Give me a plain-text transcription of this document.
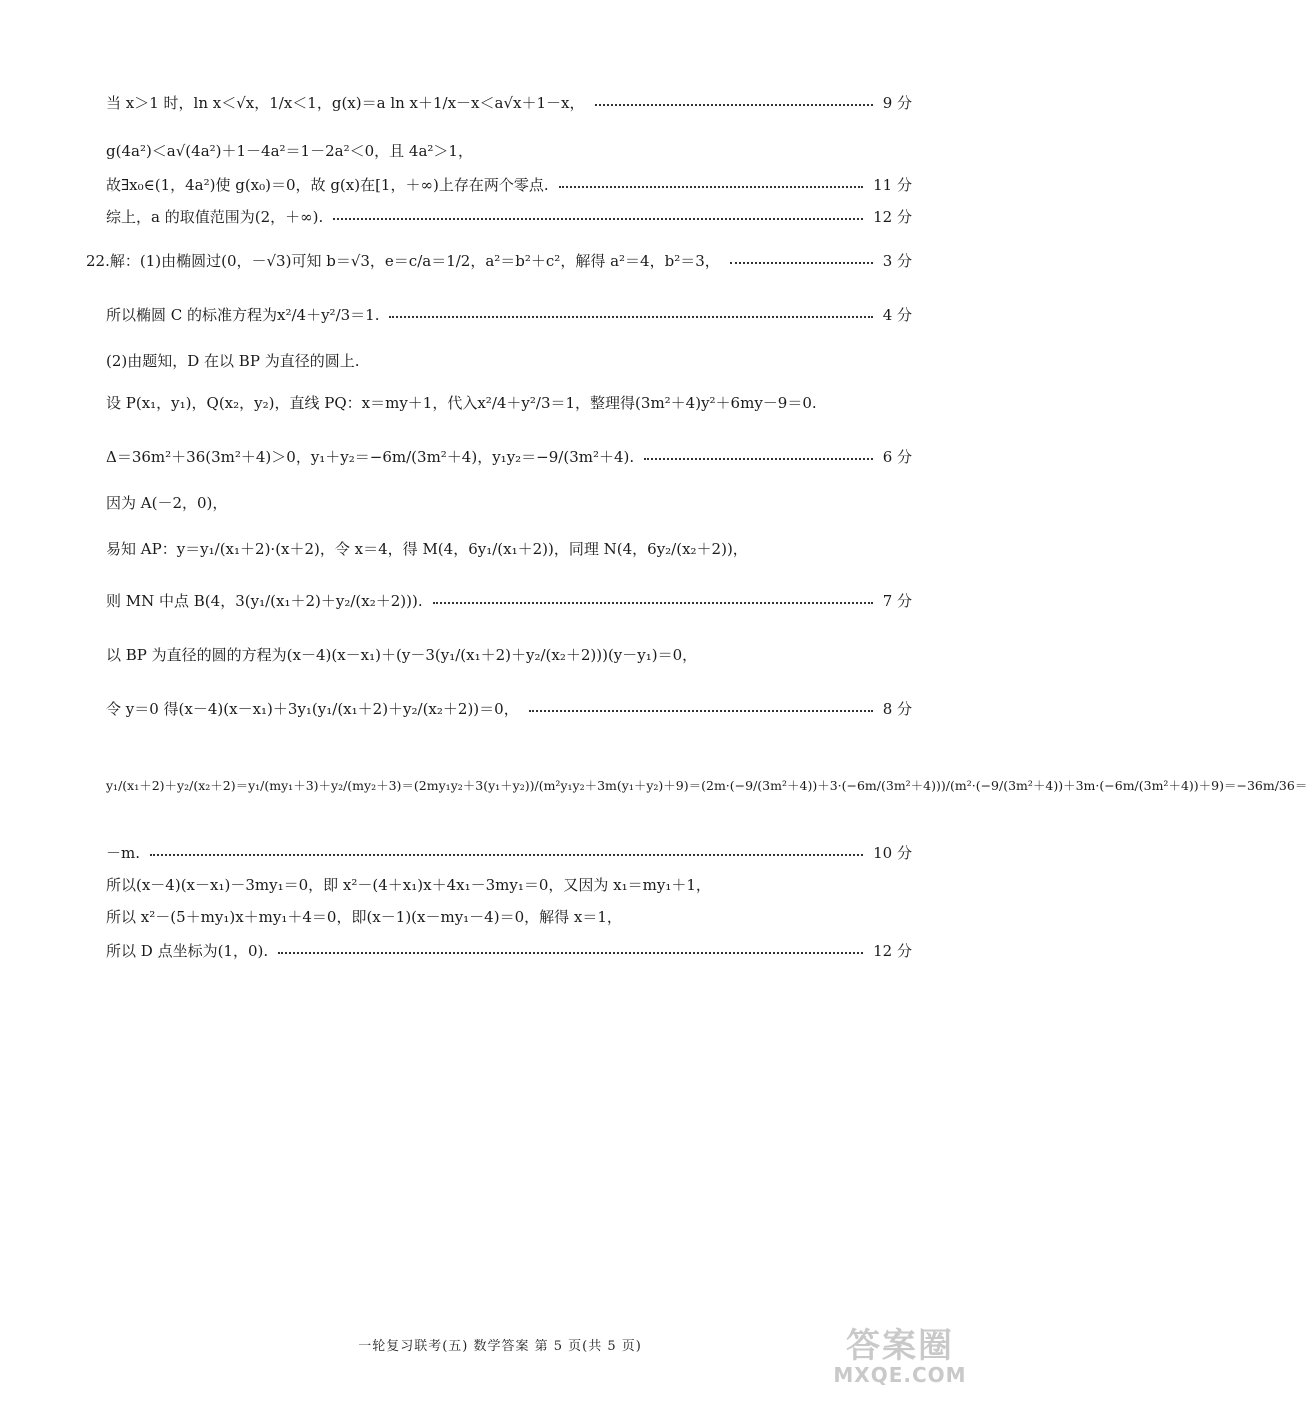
当 x＞1 时，ln x＜√x，1/x＜1，g(x)＝a ln x＋1/x－x＜a√x＋1－x，	9 分
g(4a²)＜a√(4a²)＋1－4a²＝1－2a²＜0，且 4a²＞1，
故∃x₀∈(1，4a²)使 g(x₀)＝0，故 g(x)在[1，＋∞)上存在两个零点.	11 分
综上，a 的取值范围为(2，＋∞).	12 分
22.解：(1)由椭圆过(0，－√3)可知 b＝√3，e＝c/a＝1/2，a²＝b²＋c²，解得 a²＝4，b²＝3，	3 分
所以椭圆 C 的标准方程为x²/4＋y²/3＝1.	4 分
(2)由题知，D 在以 BP 为直径的圆上.
设 P(x₁，y₁)，Q(x₂，y₂)，直线 PQ：x＝my＋1，代入x²/4＋y²/3＝1，整理得(3m²＋4)y²＋6my－9＝0.
Δ＝36m²＋36(3m²＋4)＞0，y₁＋y₂＝−6m/(3m²＋4)，y₁y₂＝−9/(3m²＋4).	6 分
因为 A(－2，0)，
易知 AP：y＝y₁/(x₁＋2)·(x＋2)，令 x＝4，得 M(4，6y₁/(x₁＋2))，同理 N(4，6y₂/(x₂＋2))，
则 MN 中点 B(4，3(y₁/(x₁＋2)＋y₂/(x₂＋2))).	7 分
以 BP 为直径的圆的方程为(x－4)(x－x₁)＋(y－3(y₁/(x₁＋2)＋y₂/(x₂＋2)))(y－y₁)＝0，
令 y＝0 得(x－4)(x－x₁)＋3y₁(y₁/(x₁＋2)＋y₂/(x₂＋2))＝0，	8 分
y₁/(x₁＋2)＋y₂/(x₂＋2)＝y₁/(my₁＋3)＋y₂/(my₂＋3)＝(2my₁y₂＋3(y₁＋y₂))/(m²y₁y₂＋3m(y₁＋y₂)＋9)＝(2m·(−9/(3m²＋4))＋3·(−6m/(3m²＋4)))/(m²·(−9/(3m²＋4))＋3m·(−6m/(3m²＋4))＋9)＝−36m/36＝
－m.	10 分
所以(x－4)(x－x₁)－3my₁＝0，即 x²－(4＋x₁)x＋4x₁－3my₁＝0，又因为 x₁＝my₁＋1，
所以 x²－(5＋my₁)x＋my₁＋4＝0，即(x－1)(x－my₁－4)＝0，解得 x＝1，
所以 D 点坐标为(1，0).	12 分
一轮复习联考(五) 数学答案 第 5 页(共 5 页)	答案圈
MXQE.COM
